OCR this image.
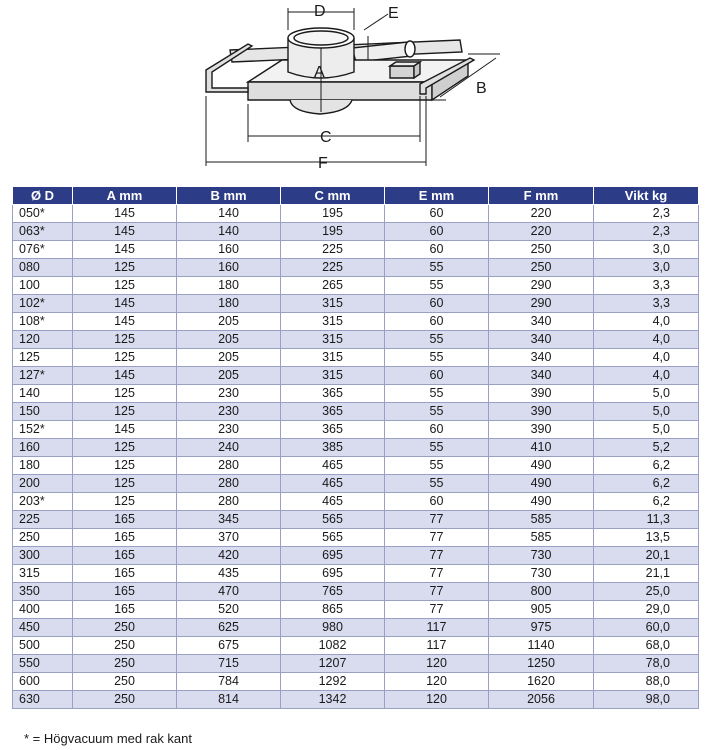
D	E
A
B
C
F
Ø D	A mm	B mm	C mm	E mm	F mm	Vikt kg
050*	145	140	195	60	220	2,3
063*	145	140	195	60	220	2,3
076*	145	160	225	60	250	3,0
080	125	160	225	55	250	3,0
100	125	180	265	55	290	3,3
102*	145	180	315	60	290	3,3
108*	145	205	315	60	340	4,0
120	125	205	315	55	340	4,0
125	125	205	315	55	340	4,0
127*	145	205	315	60	340	4,0
140	125	230	365	55	390	5,0
150	125	230	365	55	390	5,0
152*	145	230	365	60	390	5,0
160	125	240	385	55	410	5,2
180	125	280	465	55	490	6,2
200	125	280	465	55	490	6,2
203*	125	280	465	60	490	6,2
225	165	345	565	77	585	11,3
250	165	370	565	77	585	13,5
300	165	420	695	77	730	20,1
315	165	435	695	77	730	21,1
350	165	470	765	77	800	25,0
400	165	520	865	77	905	29,0
450	250	625	980	117	975	60,0
500	250	675	1082	117	1140	68,0
550	250	715	1207	120	1250	78,0
600	250	784	1292	120	1620	88,0
630	250	814	1342	120	2056	98,0
* = Högvacuum med rak kant
